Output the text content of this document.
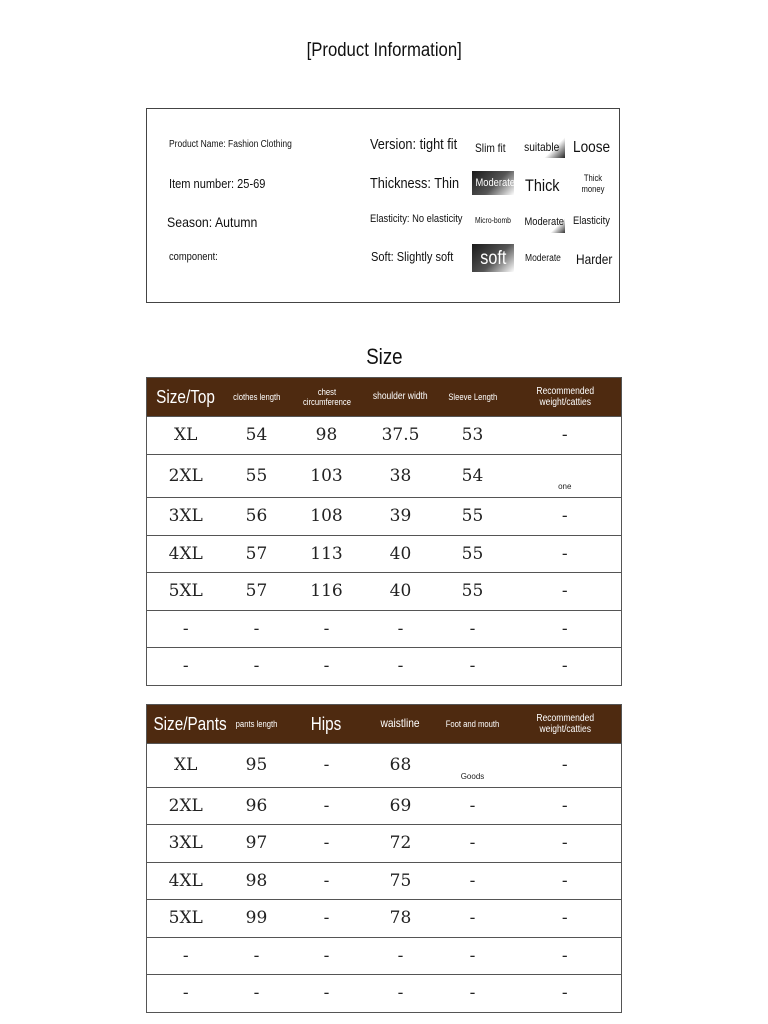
[Product Information]
Product Name: Fashion Clothing
Item number: 25-69
Season: Autumn
component:
Version: tight fit Slim fit	suitable Loose
Thickness: Thin	Moderate Thick	Thick money
Elasticity: No elasticity Micro-bomb	Moderate Elasticity
Soft: Slightly soft	soft	Moderate Harder
Size
Size/Top	clothes length	chest circumference	shoulder width	Sleeve Length	Recommended weight/catties
XL	54	98	37.5	53	-
2XL	55	103	38	54	one
3XL	56	108	39	55	-
4XL	57	113	40	55	-
5XL	57	116	40	55	-
-	-	-	-	-	-
-	-	-	-	-	-
Size/Pants	pants length	Hips	waistline	Foot and mouth	Recommended weight/catties
XL	95	-	68	Goods	-
2XL	96	-	69	-	-
3XL	97	-	72	-	-
4XL	98	-	75	-	-
5XL	99	-	78	-	-
-	-	-	-	-	-
-	-	-	-	-	-
